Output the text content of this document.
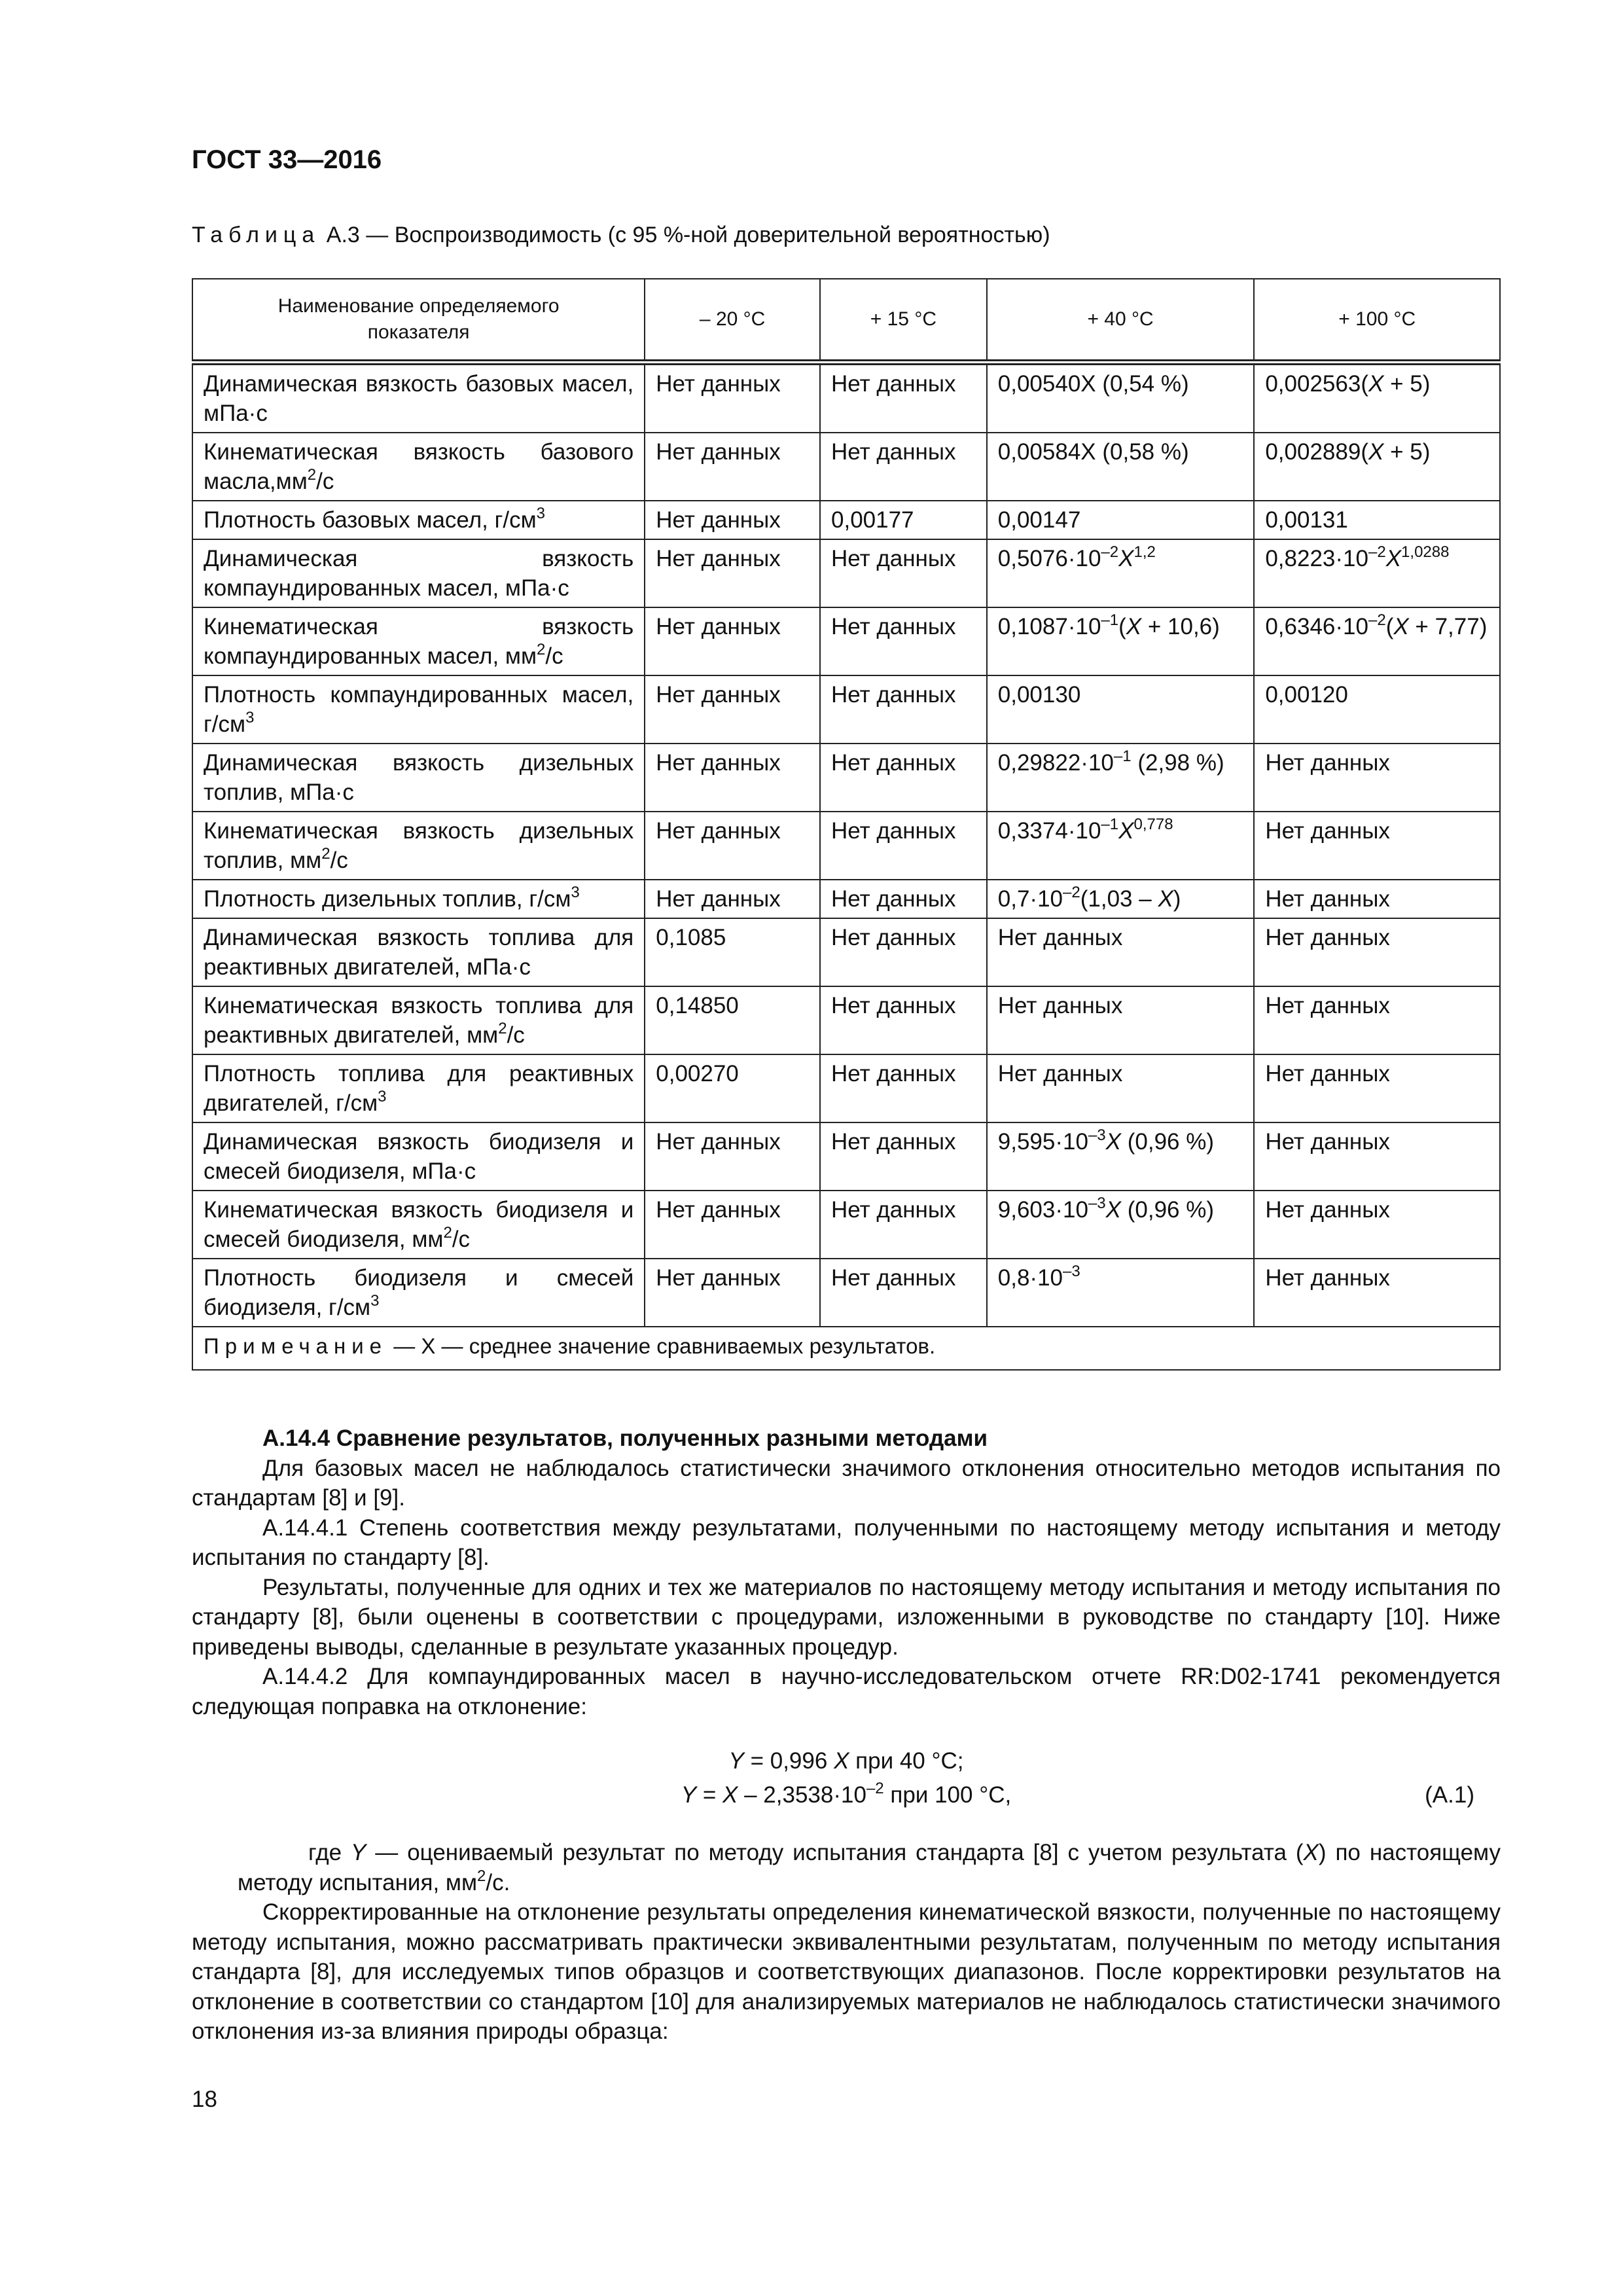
ГОСТ 33—2016
Таблица А.3 — Воспроизводимость (с 95 %-ной доверительной вероятностью)
Наименование определяемого показателя	– 20 °С	+ 15 °С	+ 40 °С	+ 100 °С
Динамическая вязкость базовых масел, мПа·с	Нет данных	Нет данных	0,00540X (0,54 %)	0,002563(X + 5)
Кинематическая вязкость базового $масла,мм^2/с$	Нет данных	Нет данных	0,00584X (0,58 %)	0,002889(X + 5)
Плотность базовых масел, $г/см^3$	Нет данных	0,00177	0,00147	0,00131
Динамическая вязкость компаундированных масел, мПа·с	Нет данных	Нет данных	$0,5076\cdot 10^{-2}X^{1,2}$	$0,8223\cdot 10^{-2}X^{1,0288}$
Кинематическая вязкость компаундированных масел, $мм^2/с$	Нет данных	Нет данных	$0,1087\cdot 10^{-1}(X + 10,6)$	$0,6346\cdot 10^{-2}(X + 7,77)$
Плотность компаундированных масел, $г/см^3$	Нет данных	Нет данных	0,00130	0,00120
Динамическая вязкость дизельных топлив, мПа·с	Нет данных	Нет данных	$0,29822\cdot 10^{-1}$ (2,98 %)	Нет данных
Кинематическая вязкость дизельных топлив, $мм^2/с$	Нет данных	Нет данных	$0,3374\cdot 10^{-1}X^{0,778}$	Нет данных
Плотность дизельных топлив, $г/см^3$	Нет данных	Нет данных	$0,7\cdot 10^{-2}(1,03 - X)$	Нет данных
Динамическая вязкость топлива для реактивных двигателей, мПа·с	0,1085	Нет данных	Нет данных	Нет данных
Кинематическая вязкость топлива для реактивных двигателей, $мм^2/с$	0,14850	Нет данных	Нет данных	Нет данных
Плотность топлива для реактивных двигателей, $г/см^3$	0,00270	Нет данных	Нет данных	Нет данных
Динамическая вязкость биодизеля и смесей биодизеля, мПа·с	Нет данных	Нет данных	$9,595\cdot 10^{-3}X$ (0,96 %)	Нет данных
Кинематическая вязкость биодизеля и смесей биодизеля, $мм^2/с$	Нет данных	Нет данных	$9,603\cdot 10^{-3}X$ (0,96 %)	Нет данных
Плотность биодизеля и смесей биодизеля, $г/см^3$	Нет данных	Нет данных	$0,8\cdot 10^{-3}$	Нет данных
Примечание — X — среднее значение сравниваемых результатов.				

А.14.4 Сравнение результатов, полученных разными методами

Для базовых масел не наблюдалось статистически значимого отклонения относительно методов испытания по стандартам [8] и [9].

А.14.4.1 Степень соответствия между результатами, полученными по настоящему методу испытания и методу испытания по стандарту [8].

Результаты, полученные для одних и тех же материалов по настоящему методу испытания и методу испытания по стандарту [8], были оценены в соответствии с процедурами, изложенными в руководстве по стандарту [10]. Ниже приведены выводы, сделанные в результате указанных процедур.

А.14.4.2 Для компаундированных масел в научно-исследовательском отчете RR:D02-1741 рекомендуется следующая поправка на отклонение:

Y = 0,996 X при 40 °С;
$Y = X - 2,3538\cdot 10^{-2}$ при 100 °С,	(А.1)

где Y — оцениваемый результат по методу испытания стандарта [8] с учетом результата (X) по настоящему методу испытания, $мм^2/с$.

Скорректированные на отклонение результаты определения кинематической вязкости, полученные по настоящему методу испытания, можно рассматривать практически эквивалентными результатам, полученным по методу испытания стандарта [8], для исследуемых типов образцов и соответствующих диапазонов. После корректировки результатов на отклонение в соответствии со стандартом [10] для анализируемых материалов не наблюдалось статистически значимого отклонения из-за влияния природы образца:

18
